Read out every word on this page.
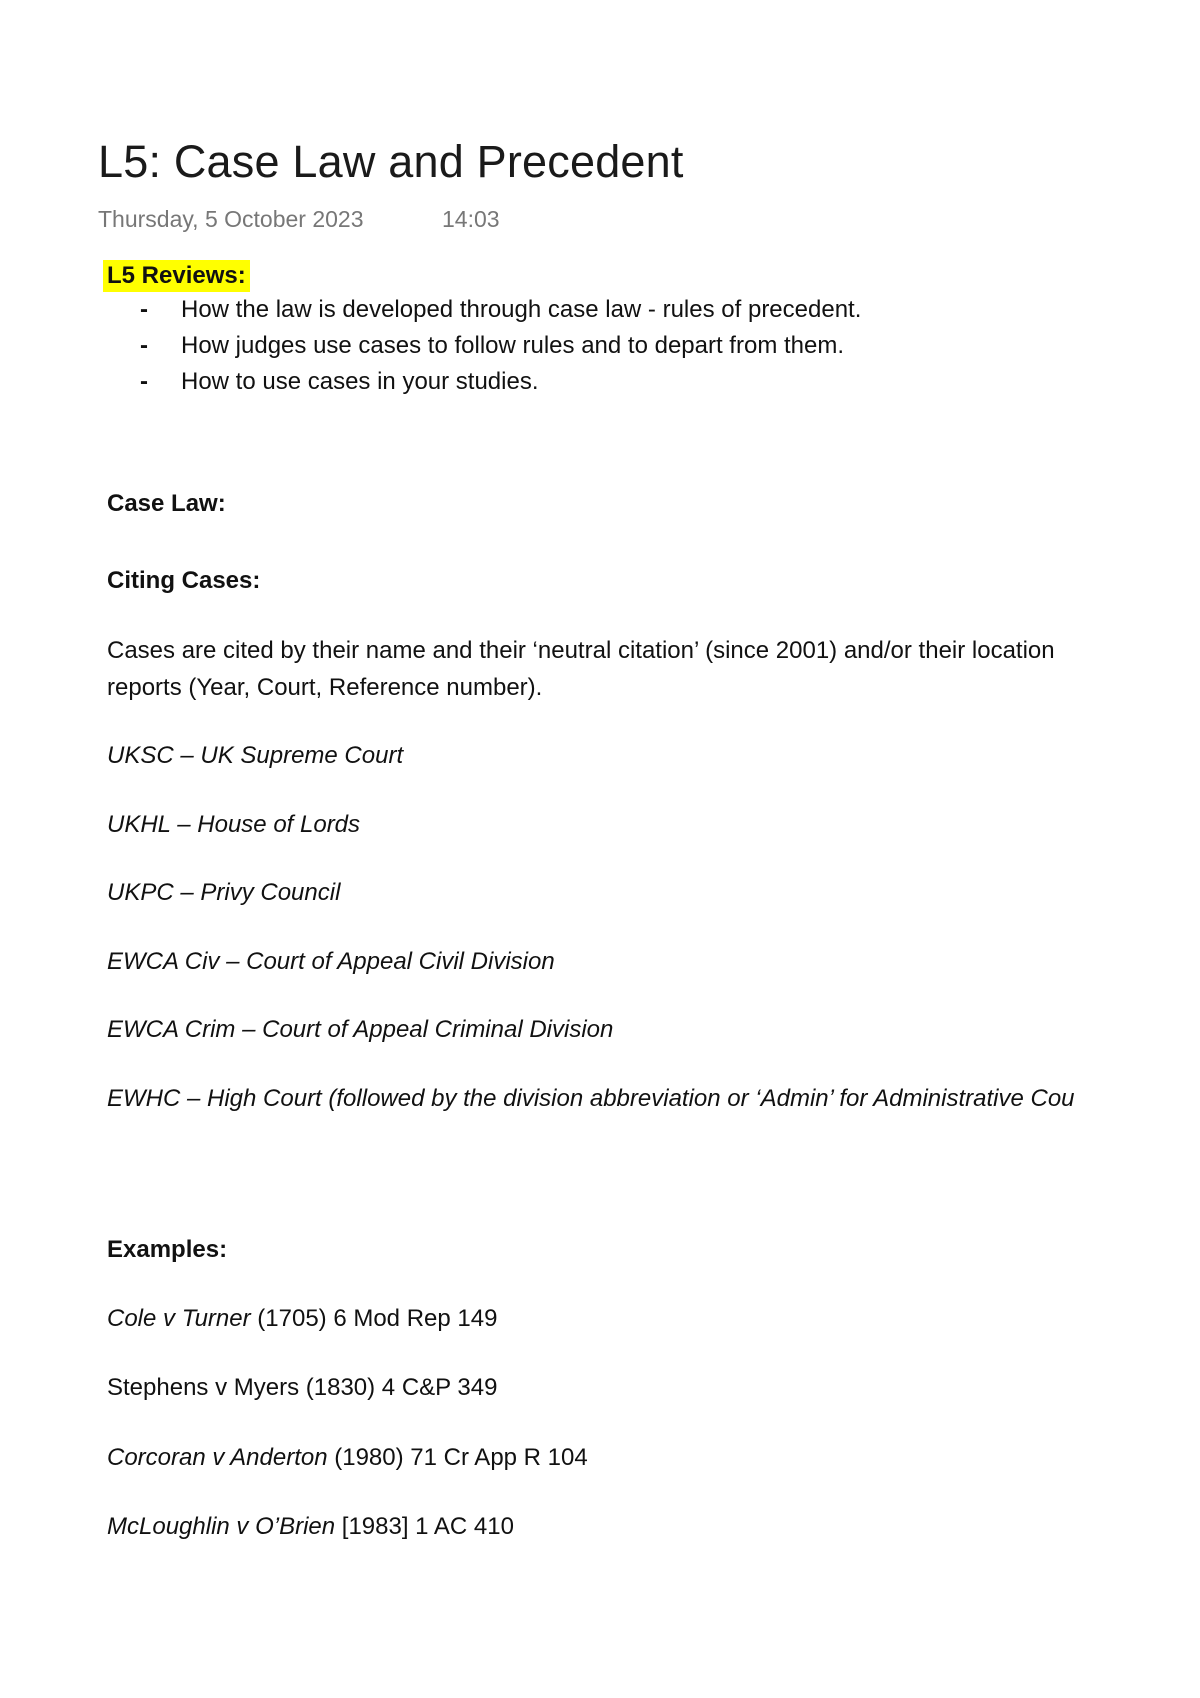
L5: Case Law and Precedent
Thursday, 5 October 2023	14:03
L5 Reviews:
- How the law is developed through case law - rules of precedent.
- How judges use cases to follow rules and to depart from them.
- How to use cases in your studies.
Case Law:
Citing Cases:
Cases are cited by their name and their ‘neutral citation’ (since 2001) and/or their location
reports (Year, Court, Reference number).
UKSC – UK Supreme Court
UKHL – House of Lords
UKPC – Privy Council
EWCA Civ – Court of Appeal Civil Division
EWCA Crim – Court of Appeal Criminal Division
EWHC – High Court (followed by the division abbreviation or ‘Admin’ for Administrative Cou
Examples:
Cole v Turner (1705) 6 Mod Rep 149
Stephens v Myers (1830) 4 C&P 349
Corcoran v Anderton (1980) 71 Cr App R 104
McLoughlin v O’Brien [1983] 1 AC 410
